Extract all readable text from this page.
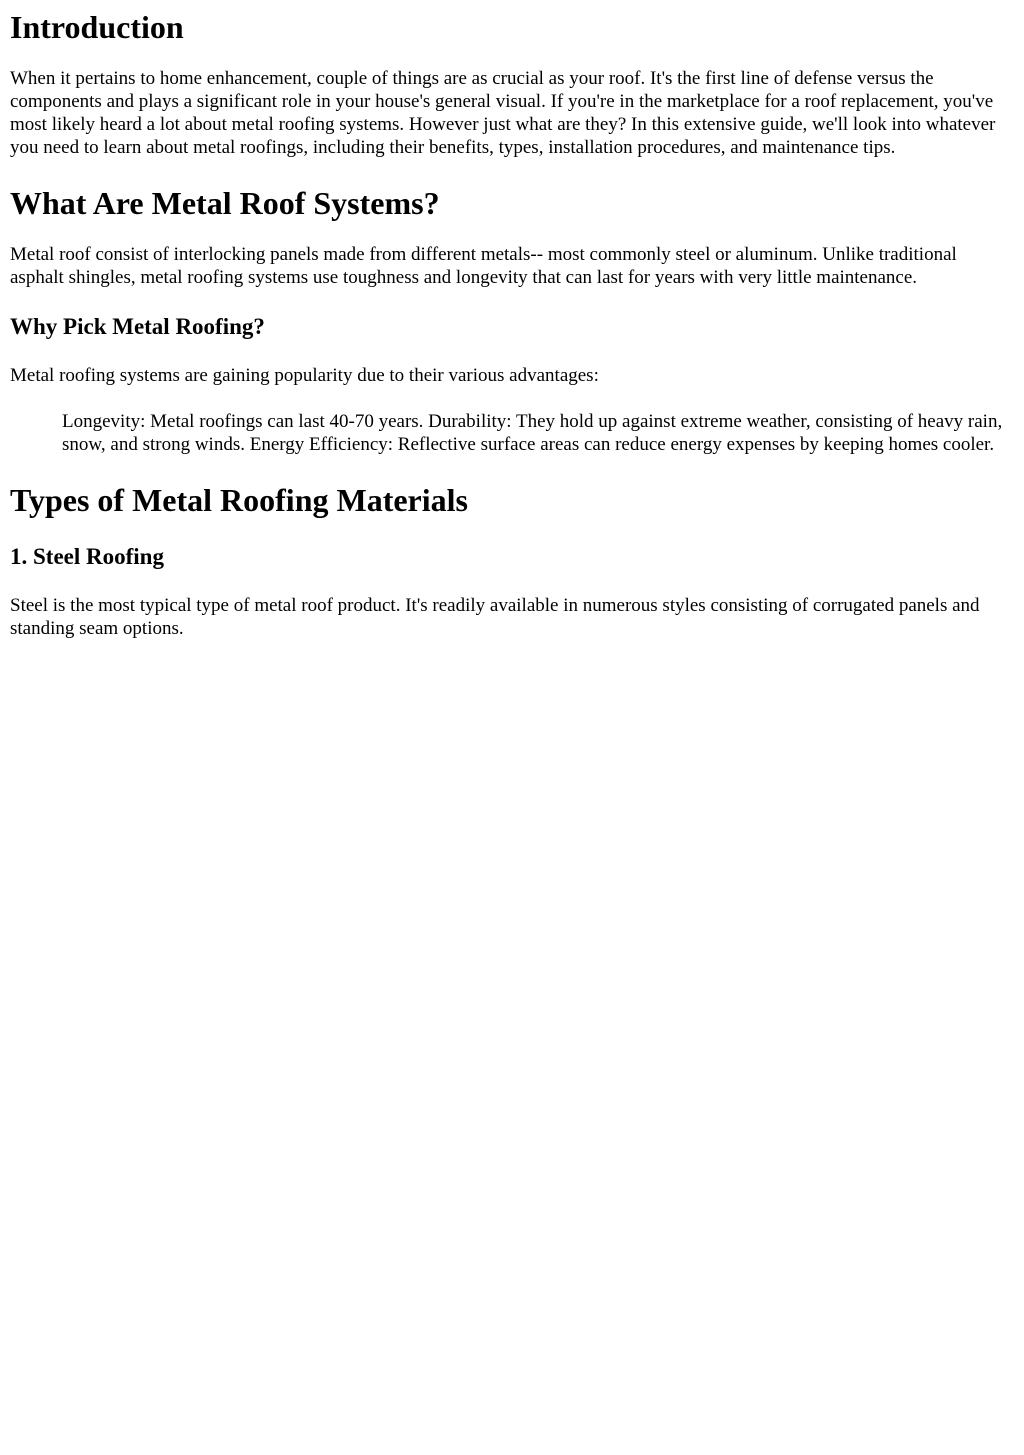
Introduction

When it pertains to home enhancement, couple of things are as crucial as your roof. It's the first line of defense versus the components and plays a significant role in your house's general visual. If you're in the marketplace for a roof replacement, you've most likely heard a lot about metal roofing systems. However just what are they? In this extensive guide, we'll look into whatever you need to learn about metal roofings, including their benefits, types, installation procedures, and maintenance tips.

What Are Metal Roof Systems?

Metal roof consist of interlocking panels made from different metals-- most commonly steel or aluminum. Unlike traditional asphalt shingles, metal roofing systems use toughness and longevity that can last for years with very little maintenance.

Why Pick Metal Roofing?

Metal roofing systems are gaining popularity due to their various advantages:

Longevity: Metal roofings can last 40-70 years. Durability: They hold up against extreme weather, consisting of heavy rain, snow, and strong winds. Energy Efficiency: Reflective surface areas can reduce energy expenses by keeping homes cooler.
Types of Metal Roofing Materials
1. Steel Roofing

Steel is the most typical type of metal roof product. It's readily available in numerous styles consisting of corrugated panels and standing seam options.
